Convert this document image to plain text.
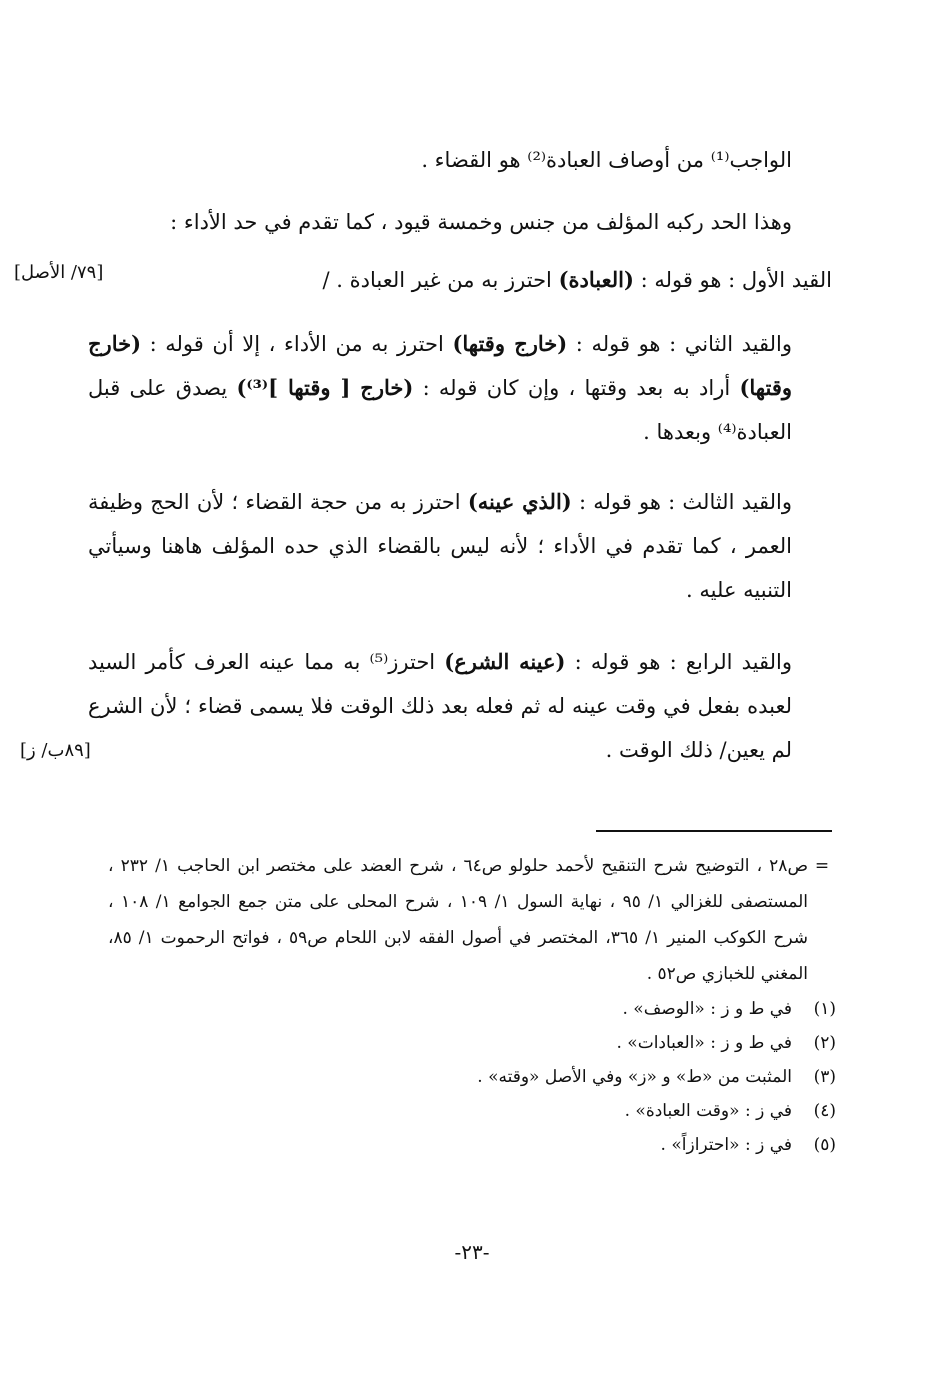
الواجب⁽¹⁾ من أوصاف العبادة⁽²⁾ هو القضاء .
وهذا الحد ركبه المؤلف من جنس وخمسة قيود ، كما تقدم في حد الأداء :
القيد الأول : هو قوله : (العبادة) احترز به من غير العبادة . /
والقيد الثاني : هو قوله : (خارج وقتها) احترز به من الأداء ، إلا أن قوله : (خارج وقتها) أراد به بعد وقتها ، وإن كان قوله : (خارج [ وقتها ]⁽³⁾) يصدق على قبل العبادة⁽⁴⁾ وبعدها .
والقيد الثالث : هو قوله : (الذي عينه) احترز به من حجة القضاء ؛ لأن الحج وظيفة العمر ، كما تقدم في الأداء ؛ لأنه ليس بالقضاء الذي حده المؤلف هاهنا وسيأتي التنبيه عليه .
والقيد الرابع : هو قوله : (عينه الشرع) احترز⁽⁵⁾ به مما عينه العرف كأمر السيد لعبده بفعل في وقت عينه له ثم فعله بعد ذلك الوقت فلا يسمى قضاء ؛ لأن الشرع لم يعين/ ذلك الوقت .
[٧٩/ الأصل]
[٨٩ب/ ز]
=
ص٢٨ ، التوضيح شرح التنقيح لأحمد حلولو ص٦٤ ، شرح العضد على مختصر ابن الحاجب ١/ ٢٣٢ ، المستصفى للغزالي ١/ ٩٥ ، نهاية السول ١/ ١٠٩ ، شرح المحلى على متن جمع الجوامع ١/ ١٠٨ ، شرح الكوكب المنير ١/ ٣٦٥، المختصر في أصول الفقه لابن اللحام ص٥٩ ، فواتح الرحموت ١/ ٨٥، المغني للخبازي ص٥٢ .
(١)
في ط و ز : «الوصف» .
(٢)
في ط و ز : «العبادات» .
(٣)
المثبت من «ط» و «ز» وفي الأصل «وقته» .
(٤)
في ز : «وقت العبادة» .
(٥)
في ز : «احترازاً» .
-٢٣-
